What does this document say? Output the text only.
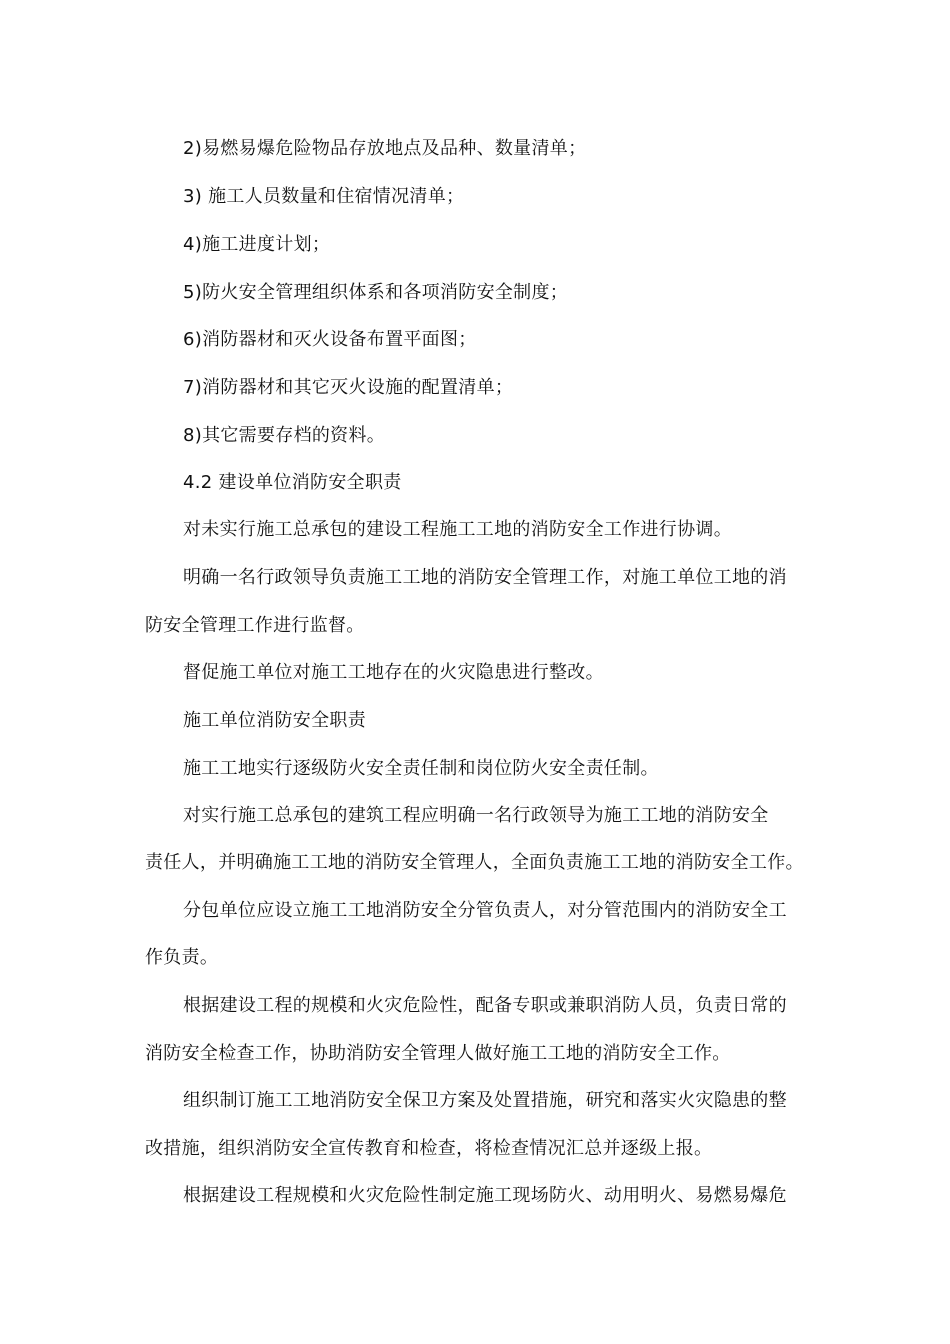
2)易燃易爆危险物品存放地点及品种、数量清单；
3) 施工人员数量和住宿情况清单；
4)施工进度计划；
5)防火安全管理组织体系和各项消防安全制度；
6)消防器材和灭火设备布置平面图；
7)消防器材和其它灭火设施的配置清单；
8)其它需要存档的资料。
4.2 建设单位消防安全职责
对未实行施工总承包的建设工程施工工地的消防安全工作进行协调。
明确一名行政领导负责施工工地的消防安全管理工作，对施工单位工地的消
防安全管理工作进行监督。
督促施工单位对施工工地存在的火灾隐患进行整改。
施工单位消防安全职责
施工工地实行逐级防火安全责任制和岗位防火安全责任制。
对实行施工总承包的建筑工程应明确一名行政领导为施工工地的消防安全
责任人，并明确施工工地的消防安全管理人，全面负责施工工地的消防安全工作。
分包单位应设立施工工地消防安全分管负责人，对分管范围内的消防安全工
作负责。
根据建设工程的规模和火灾危险性，配备专职或兼职消防人员，负责日常的
消防安全检查工作，协助消防安全管理人做好施工工地的消防安全工作。
组织制订施工工地消防安全保卫方案及处置措施，研究和落实火灾隐患的整
改措施，组织消防安全宣传教育和检查，将检查情况汇总并逐级上报。
根据建设工程规模和火灾危险性制定施工现场防火、动用明火、易燃易爆危
